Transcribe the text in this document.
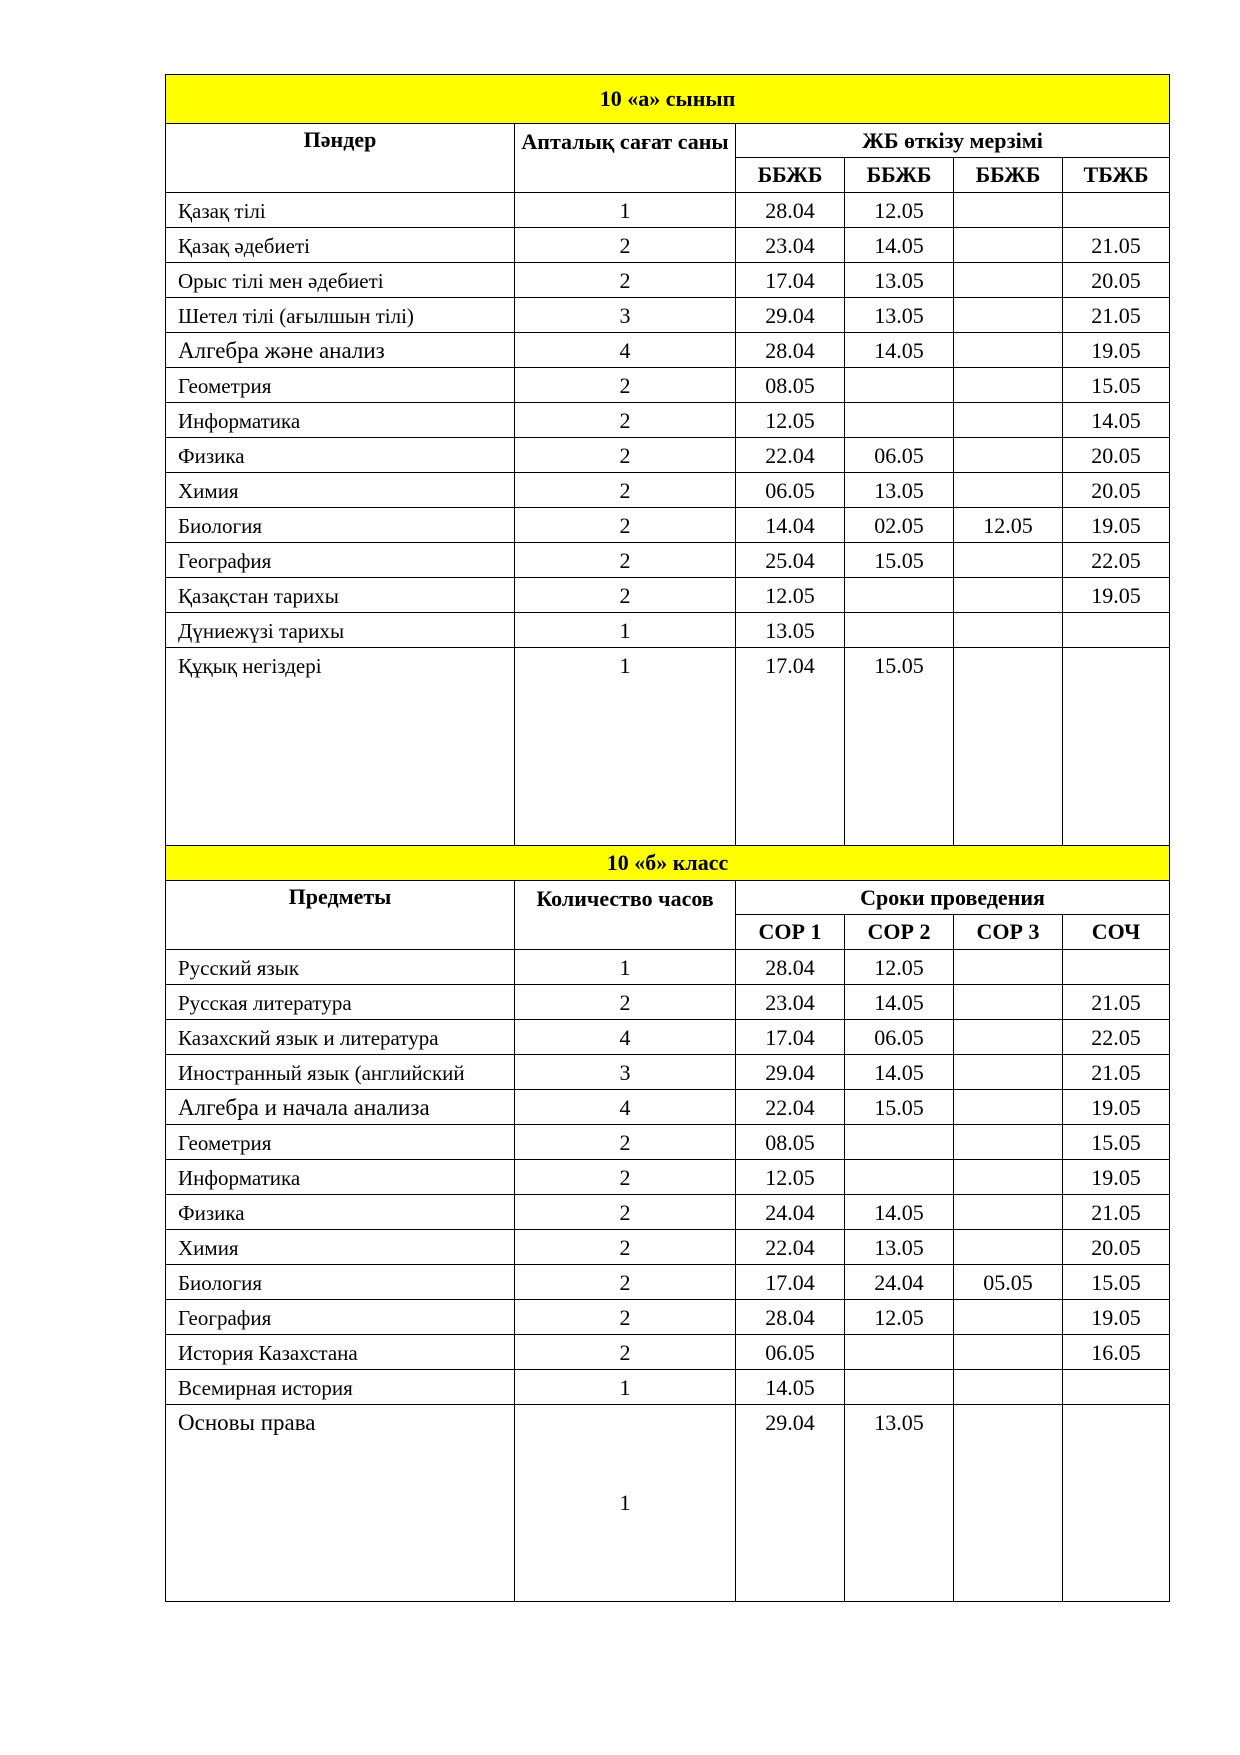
10 «а» сынып					
Пәндер	Апталық сағат саны	ЖБ өткізу мерзімі			
		ББЖБ	ББЖБ	ББЖБ	ТБЖБ
Қазақ тілі	1	28.04	12.05		
Қазақ әдебиеті	2	23.04	14.05		21.05
Орыс тілі мен әдебиеті	2	17.04	13.05		20.05
Шетел тілі (ағылшын тілі)	3	29.04	13.05		21.05
Алгебра және анализ	4	28.04	14.05		19.05
Геометрия	2	08.05			15.05
Информатика	2	12.05			14.05
Физика	2	22.04	06.05		20.05
Химия	2	06.05	13.05		20.05
Биология	2	14.04	02.05	12.05	19.05
География	2	25.04	15.05		22.05
Қазақстан тарихы	2	12.05			19.05
Дүниежүзі тарихы	1	13.05			
Құқық негіздері	1	17.04	15.05		
10 «б» класс					
Предметы	Количество часов	Сроки проведения			
		СОР 1	СОР 2	СОР 3	СОЧ
Русский язык	1	28.04	12.05		
Русская литература	2	23.04	14.05		21.05
Казахский язык и литература	4	17.04	06.05		22.05
Иностранный язык (английский	3	29.04	14.05		21.05
Алгебра и начала анализа	4	22.04	15.05		19.05
Геометрия	2	08.05			15.05
Информатика	2	12.05			19.05
Физика	2	24.04	14.05		21.05
Химия	2	22.04	13.05		20.05
Биология	2	17.04	24.04	05.05	15.05
География	2	28.04	12.05		19.05
История Казахстана	2	06.05			16.05
Всемирная история	1	14.05			
Основы права	1	29.04	13.05		
